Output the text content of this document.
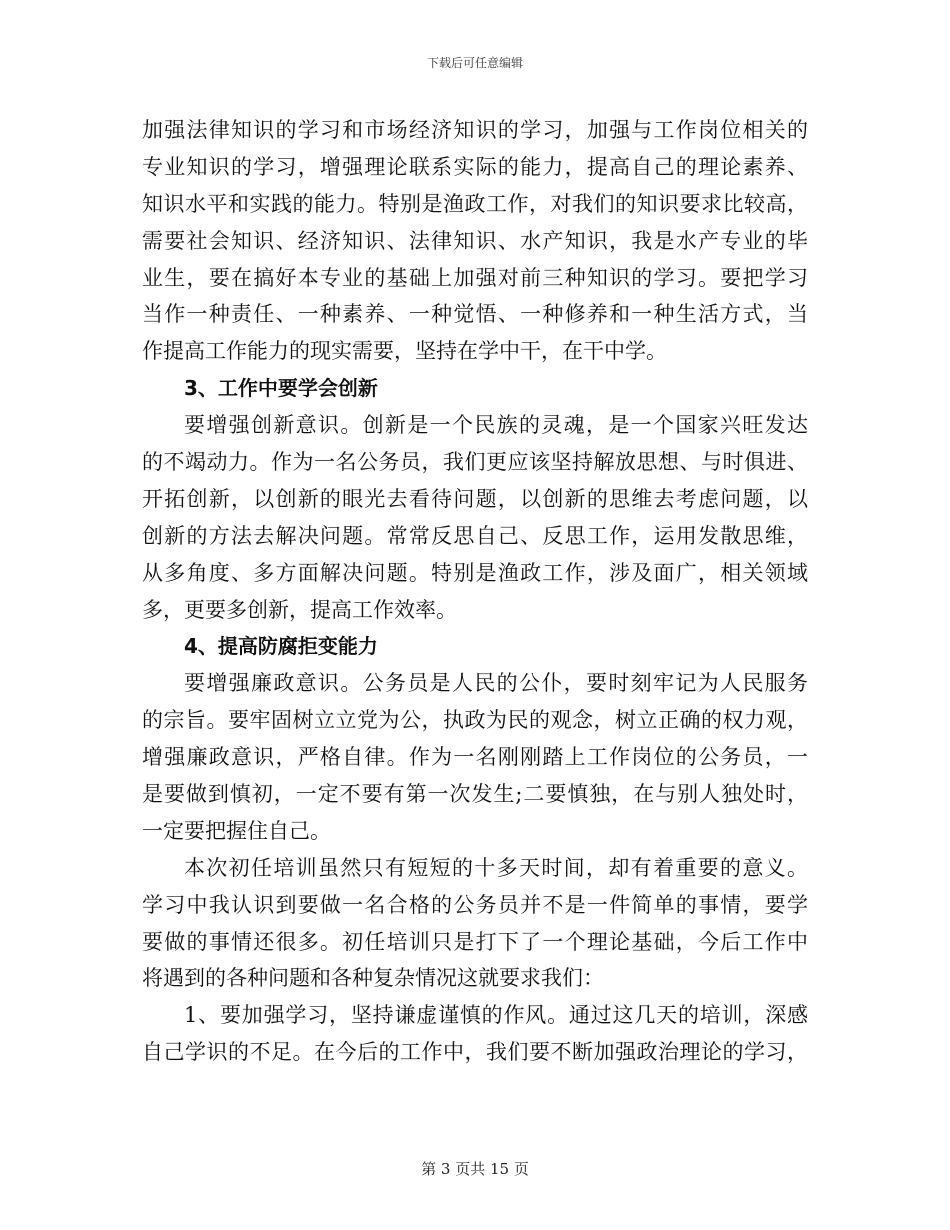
下载后可任意编辑
加强法律知识的学习和市场经济知识的学习，加强与工作岗位相关的
专业知识的学习，增强理论联系实际的能力，提高自己的理论素养、
知识水平和实践的能力。特别是渔政工作，对我们的知识要求比较高，
需要社会知识、经济知识、法律知识、水产知识，我是水产专业的毕
业生，要在搞好本专业的基础上加强对前三种知识的学习。要把学习
当作一种责任、一种素养、一种觉悟、一种修养和一种生活方式，当
作提高工作能力的现实需要，坚持在学中干，在干中学。
3、工作中要学会创新
要增强创新意识。创新是一个民族的灵魂，是一个国家兴旺发达
的不竭动力。作为一名公务员，我们更应该坚持解放思想、与时俱进、
开拓创新，以创新的眼光去看待问题，以创新的思维去考虑问题，以
创新的方法去解决问题。常常反思自己、反思工作，运用发散思维，
从多角度、多方面解决问题。特别是渔政工作，涉及面广，相关领域
多，更要多创新，提高工作效率。
4、提高防腐拒变能力
要增强廉政意识。公务员是人民的公仆，要时刻牢记为人民服务
的宗旨。要牢固树立立党为公，执政为民的观念，树立正确的权力观，
增强廉政意识，严格自律。作为一名刚刚踏上工作岗位的公务员，一
是要做到慎初，一定不要有第一次发生;二要慎独，在与别人独处时，
一定要把握住自己。
本次初任培训虽然只有短短的十多天时间，却有着重要的意义。
学习中我认识到要做一名合格的公务员并不是一件简单的事情，要学
要做的事情还很多。初任培训只是打下了一个理论基础，今后工作中
将遇到的各种问题和各种复杂情况这就要求我们：
1、要加强学习，坚持谦虚谨慎的作风。通过这几天的培训，深感
自己学识的不足。在今后的工作中，我们要不断加强政治理论的学习，
第 3 页共 15 页
